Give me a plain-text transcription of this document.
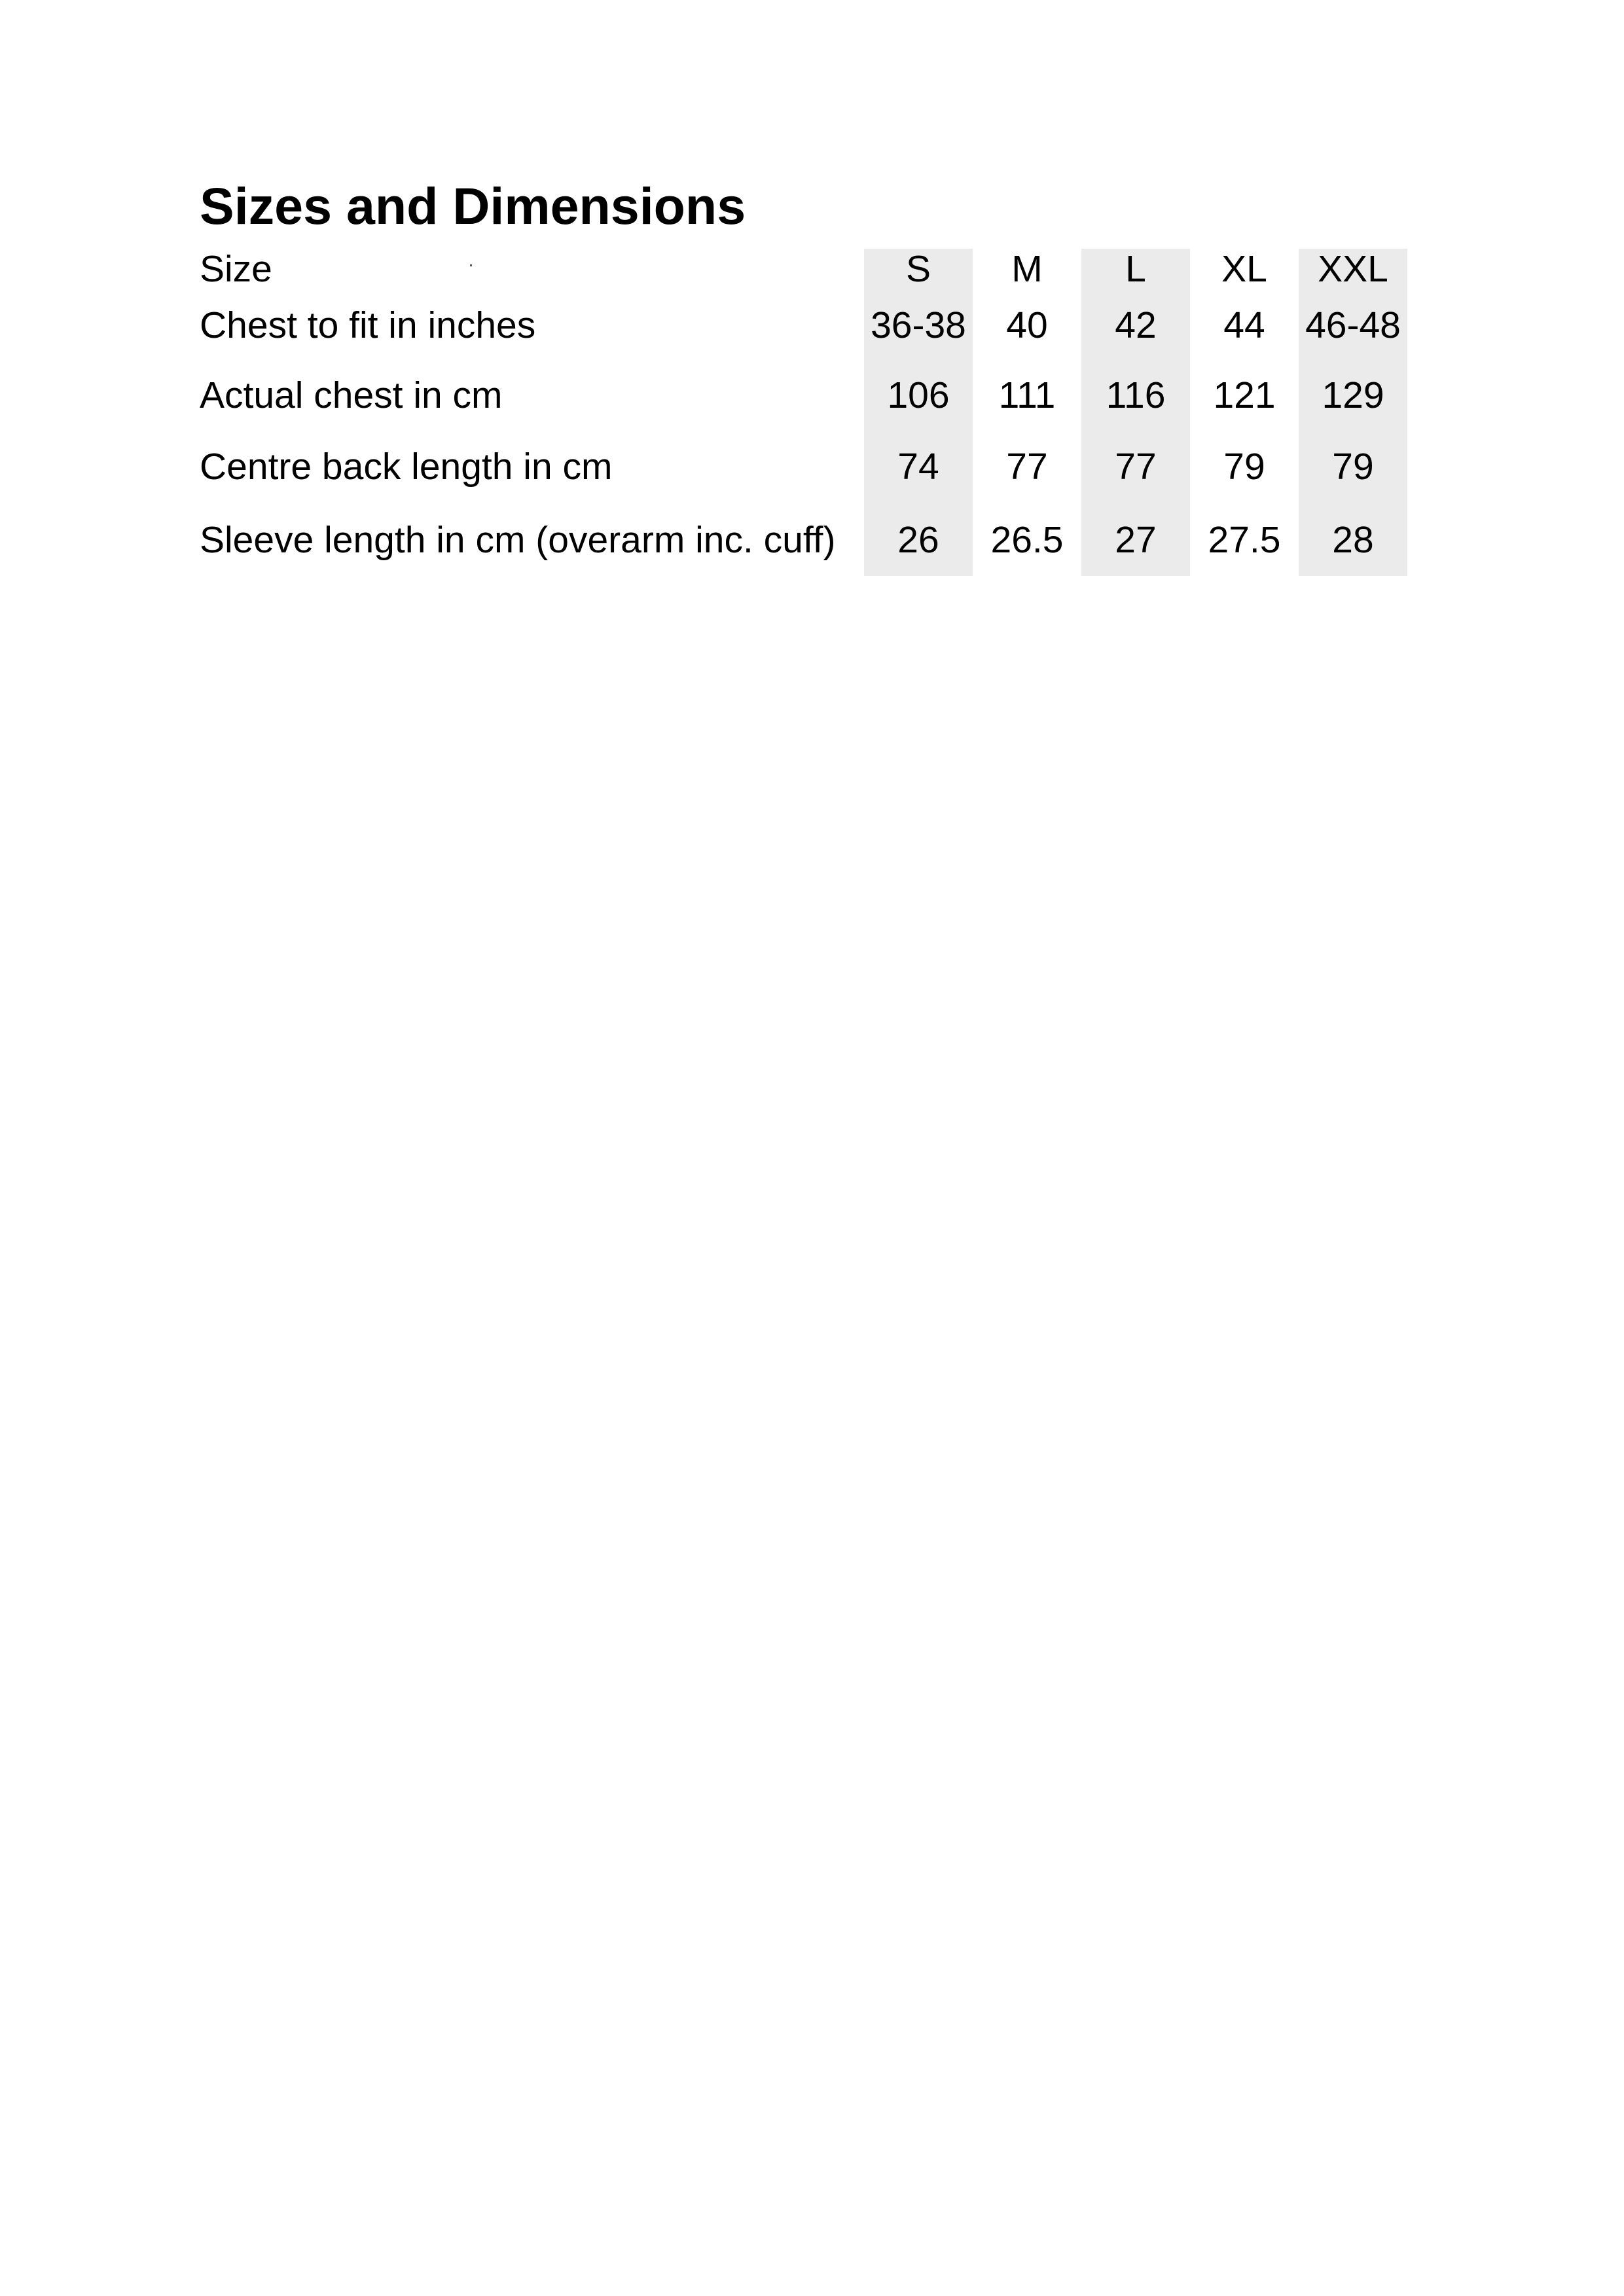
Sizes and Dimensions
Size	S	M	L	XL	XXL
Chest to fit in inches	36-38	40	42	44	46-48
Actual chest in cm	106	111	116	121	129
Centre back length in cm	74	77	77	79	79
Sleeve length in cm (overarm inc. cuff)	26	26.5	27	27.5	28
